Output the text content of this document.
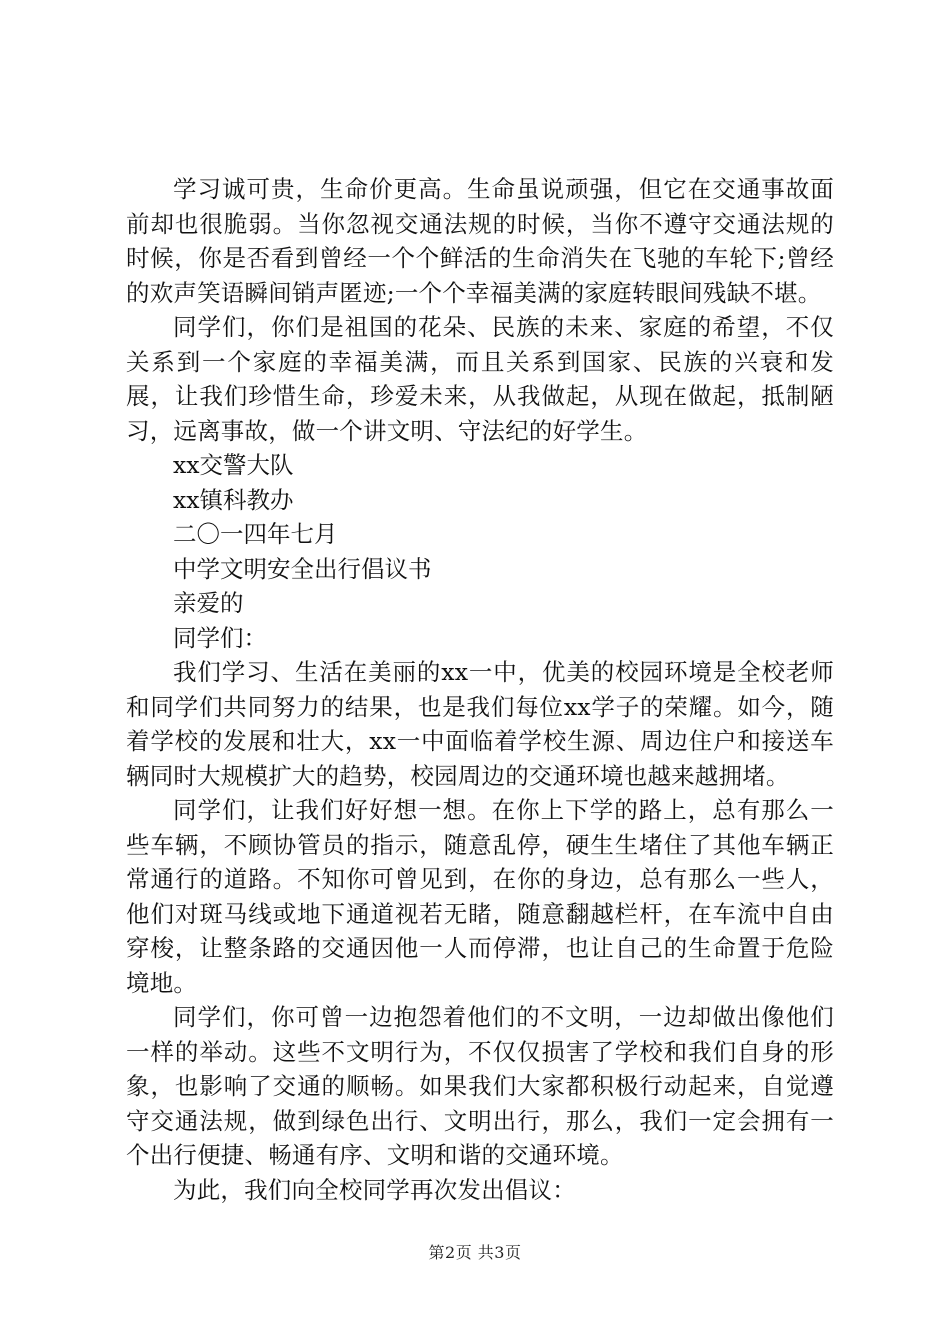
学习诚可贵，生命价更高。生命虽说顽强，但它在交通事故面前却也很脆弱。当你忽视交通法规的时候，当你不遵守交通法规的时候，你是否看到曾经一个个鲜活的生命消失在飞驰的车轮下;曾经的欢声笑语瞬间销声匿迹;一个个幸福美满的家庭转眼间残缺不堪。

同学们，你们是祖国的花朵、民族的未来、家庭的希望，不仅关系到一个家庭的幸福美满，而且关系到国家、民族的兴衰和发展，让我们珍惜生命，珍爱未来，从我做起，从现在做起，抵制陋习，远离事故，做一个讲文明、守法纪的好学生。

xx交警大队

xx镇科教办

二〇一四年七月

中学文明安全出行倡议书

亲爱的

同学们：

我们学习、生活在美丽的xx一中，优美的校园环境是全校老师和同学们共同努力的结果，也是我们每位xx学子的荣耀。如今，随着学校的发展和壮大，xx一中面临着学校生源、周边住户和接送车辆同时大规模扩大的趋势，校园周边的交通环境也越来越拥堵。

同学们，让我们好好想一想。在你上下学的路上，总有那么一些车辆，不顾协管员的指示，随意乱停，硬生生堵住了其他车辆正常通行的道路。不知你可曾见到，在你的身边，总有那么一些人，他们对斑马线或地下通道视若无睹，随意翻越栏杆，在车流中自由穿梭，让整条路的交通因他一人而停滞，也让自己的生命置于危险境地。

同学们，你可曾一边抱怨着他们的不文明，一边却做出像他们一样的举动。这些不文明行为，不仅仅损害了学校和我们自身的形象，也影响了交通的顺畅。如果我们大家都积极行动起来，自觉遵守交通法规，做到绿色出行、文明出行，那么，我们一定会拥有一个出行便捷、畅通有序、文明和谐的交通环境。

为此，我们向全校同学再次发出倡议：

第2页 共3页
